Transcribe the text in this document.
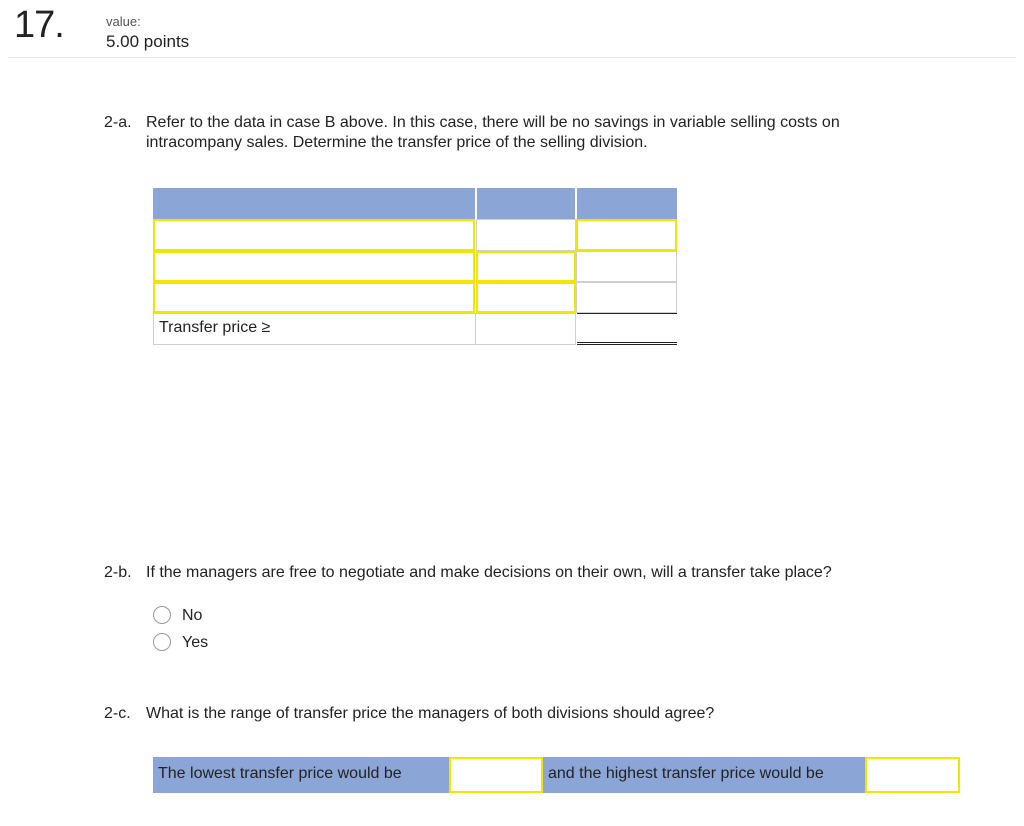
17.	value:
5.00 points
2-a. Refer to the data in case B above. In this case, there will be no savings in variable selling costs on
intracompany sales. Determine the transfer price of the selling division.
Transfer price ≥
2-b. If the managers are free to negotiate and make decisions on their own, will a transfer take place?
No
Yes
2-c. What is the range of transfer price the managers of both divisions should agree?
The lowest transfer price would be	and the highest transfer price would be
